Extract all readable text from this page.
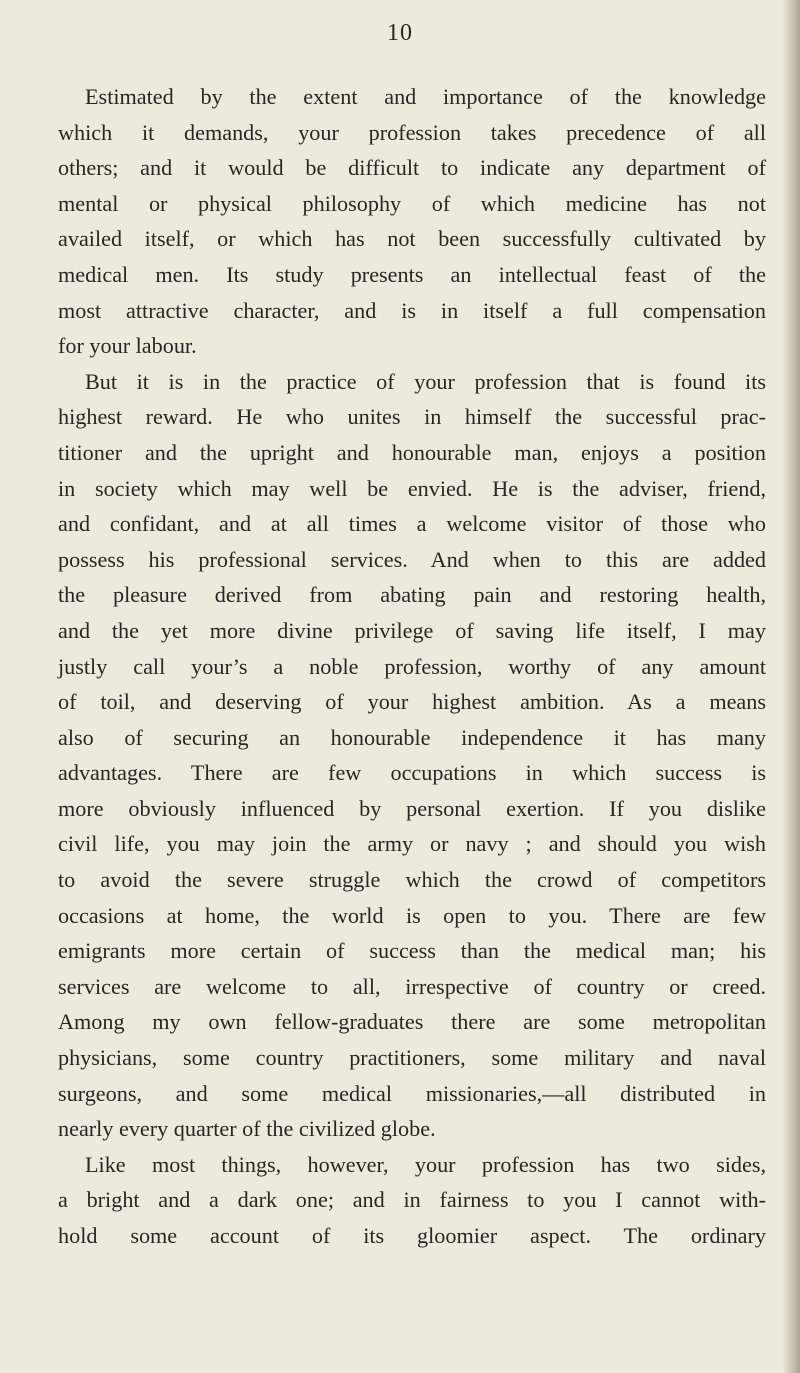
10
Estimated by the extent and importance of the knowledge
which it demands, your profession takes precedence of all
others; and it would be difficult to indicate any department of
mental or physical philosophy of which medicine has not
availed itself, or which has not been successfully cultivated by
medical men. Its study presents an intellectual feast of the
most attractive character, and is in itself a full compensation
for your labour.
But it is in the practice of your profession that is found its
highest reward. He who unites in himself the successful prac-
titioner and the upright and honourable man, enjoys a position
in society which may well be envied. He is the adviser, friend,
and confidant, and at all times a welcome visitor of those who
possess his professional services. And when to this are added
the pleasure derived from abating pain and restoring health,
and the yet more divine privilege of saving life itself, I may
justly call your’s a noble profession, worthy of any amount
of toil, and deserving of your highest ambition. As a means
also of securing an honourable independence it has many
advantages. There are few occupations in which success is
more obviously influenced by personal exertion. If you dislike
civil life, you may join the army or navy ; and should you wish
to avoid the severe struggle which the crowd of competitors
occasions at home, the world is open to you. There are few
emigrants more certain of success than the medical man; his
services are welcome to all, irrespective of country or creed.
Among my own fellow-graduates there are some metropolitan
physicians, some country practitioners, some military and naval
surgeons, and some medical missionaries,—all distributed in
nearly every quarter of the civilized globe.
Like most things, however, your profession has two sides,
a bright and a dark one; and in fairness to you I cannot with-
hold some account of its gloomier aspect. The ordinary
